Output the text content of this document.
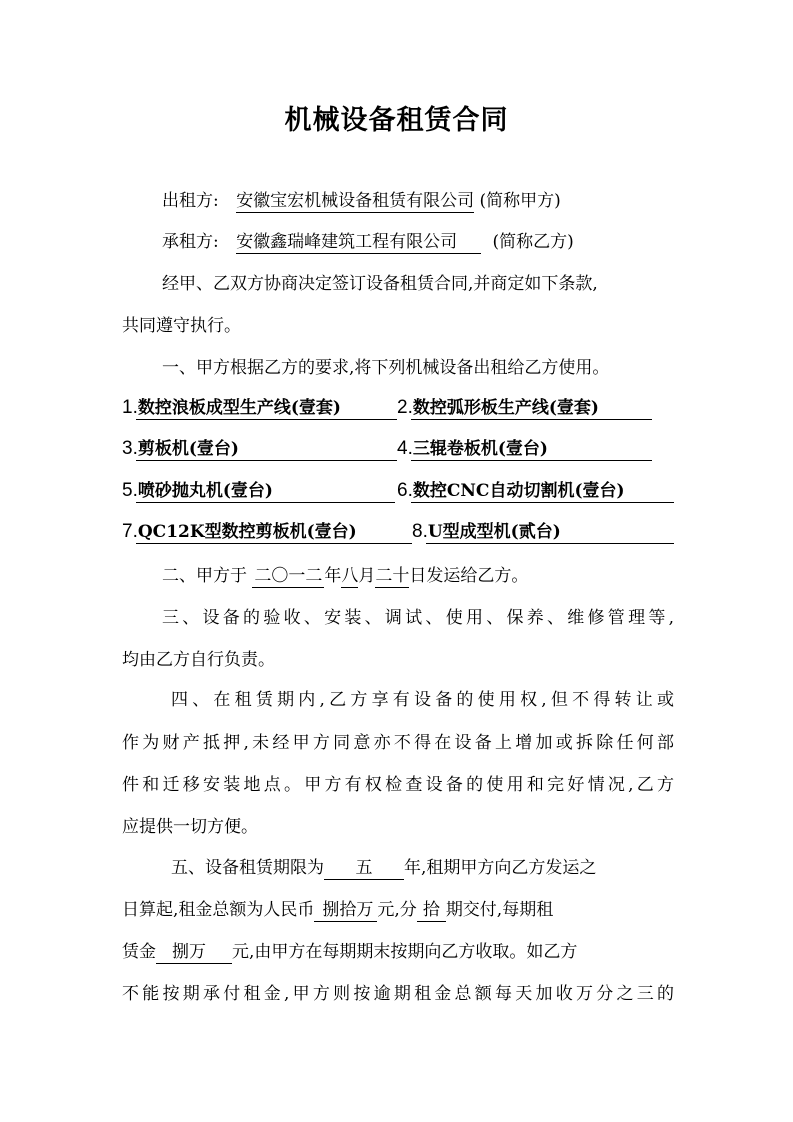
机械设备租赁合同
出租方: 安徽宝宏机械设备租赁有限公司 (简称甲方)
承租方: 安徽鑫瑞峰建筑工程有限公司 (简称乙方)
经甲、乙双方协商决定签订设备租赁合同,并商定如下条款,
共同遵守执行。
一、甲方根据乙方的要求,将下列机械设备出租给乙方使用。
1.数控浪板成型生产线(壹套)	2.数控弧形板生产线(壹套)
3.剪板机(壹台)	4.三辊卷板机(壹台)
5.喷砂抛丸机(壹台)	6.数控CNC自动切割机(壹台)
7.QC12K型数控剪板机(壹台)	8.U型成型机(贰台)
二、甲方于 二〇一二 年八月二十日发运给乙方。
三、设备的验收、安装、调试、使用、保养、维修管理等,
均由乙方自行负责。
四、在租赁期内,乙方享有设备的使用权,但不得转让或
作为财产抵押,未经甲方同意亦不得在设备上增加或拆除任何部
件和迁移安装地点。甲方有权检查设备的使用和完好情况,乙方
应提供一切方便。
五、设备租赁期限为 五 年,租期甲方向乙方发运之
日算起,租金总额为人民币 捌拾万 元,分 拾 期交付,每期租
赁金 捌万 元,由甲方在每期期末按期向乙方收取。如乙方
不能按期承付租金,甲方则按逾期租金总额每天加收万分之三的
